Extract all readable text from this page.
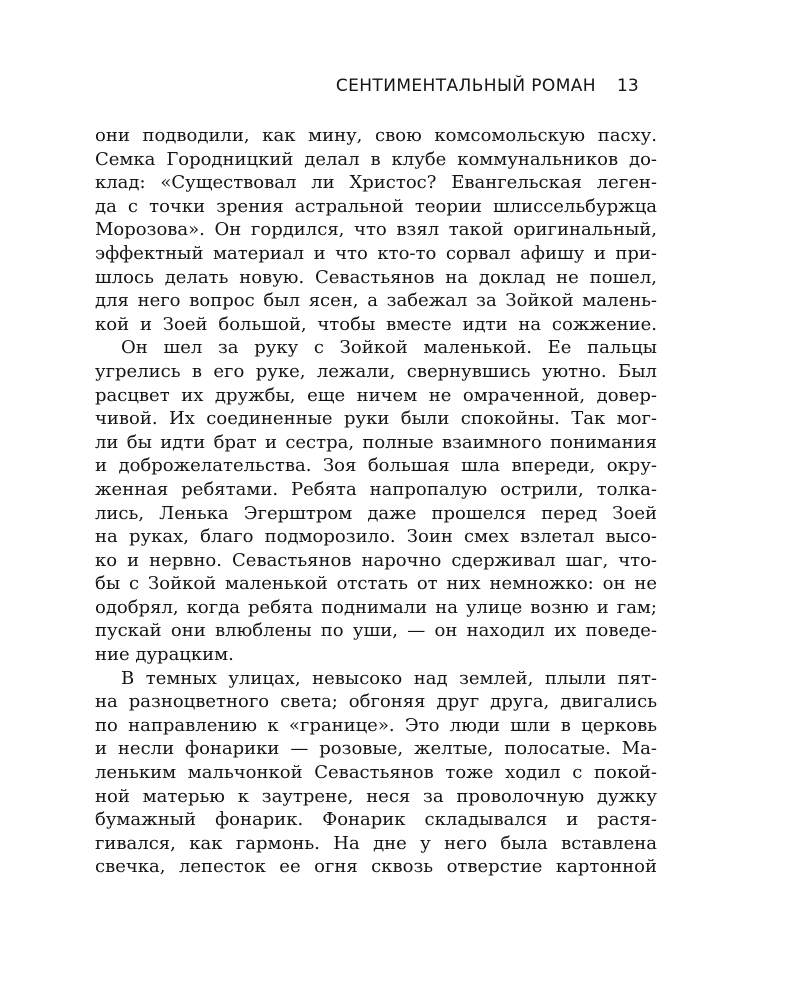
СЕНТИМЕНТАЛЬНЫЙ РОМАН 13
они подводили, как мину, свою комсомольскую пасху.
Семка Городницкий делал в клубе коммунальников до-
клад: «Существовал ли Христос? Евангельская леген-
да с точки зрения астральной теории шлиссельбуржца
Морозова». Он гордился, что взял такой оригинальный,
эффектный материал и что кто-то сорвал афишу и при-
шлось делать новую. Севастьянов на доклад не пошел,
для него вопрос был ясен, а забежал за Зойкой малень-
кой и Зоей большой, чтобы вместе идти на сожжение.
Он шел за руку с Зойкой маленькой. Ее пальцы
угрелись в его руке, лежали, свернувшись уютно. Был
расцвет их дружбы, еще ничем не омраченной, довер-
чивой. Их соединенные руки были спокойны. Так мог-
ли бы идти брат и сестра, полные взаимного понимания
и доброжелательства. Зоя большая шла впереди, окру-
женная ребятами. Ребята напропалую острили, толка-
лись, Ленька Эгерштром даже прошелся перед Зоей
на руках, благо подморозило. Зоин смех взлетал высо-
ко и нервно. Севастьянов нарочно сдерживал шаг, что-
бы с Зойкой маленькой отстать от них немножко: он не
одобрял, когда ребята поднимали на улице возню и гам;
пускай они влюблены по уши, — он находил их поведе-
ние дурацким.
В темных улицах, невысоко над землей, плыли пят-
на разноцветного света; обгоняя друг друга, двигались
по направлению к «границе». Это люди шли в церковь
и несли фонарики — розовые, желтые, полосатые. Ма-
леньким мальчонкой Севастьянов тоже ходил с покой-
ной матерью к заутрене, неся за проволочную дужку
бумажный фонарик. Фонарик складывался и растя-
гивался, как гармонь. На дне у него была вставлена
свечка, лепесток ее огня сквозь отверстие картонной
